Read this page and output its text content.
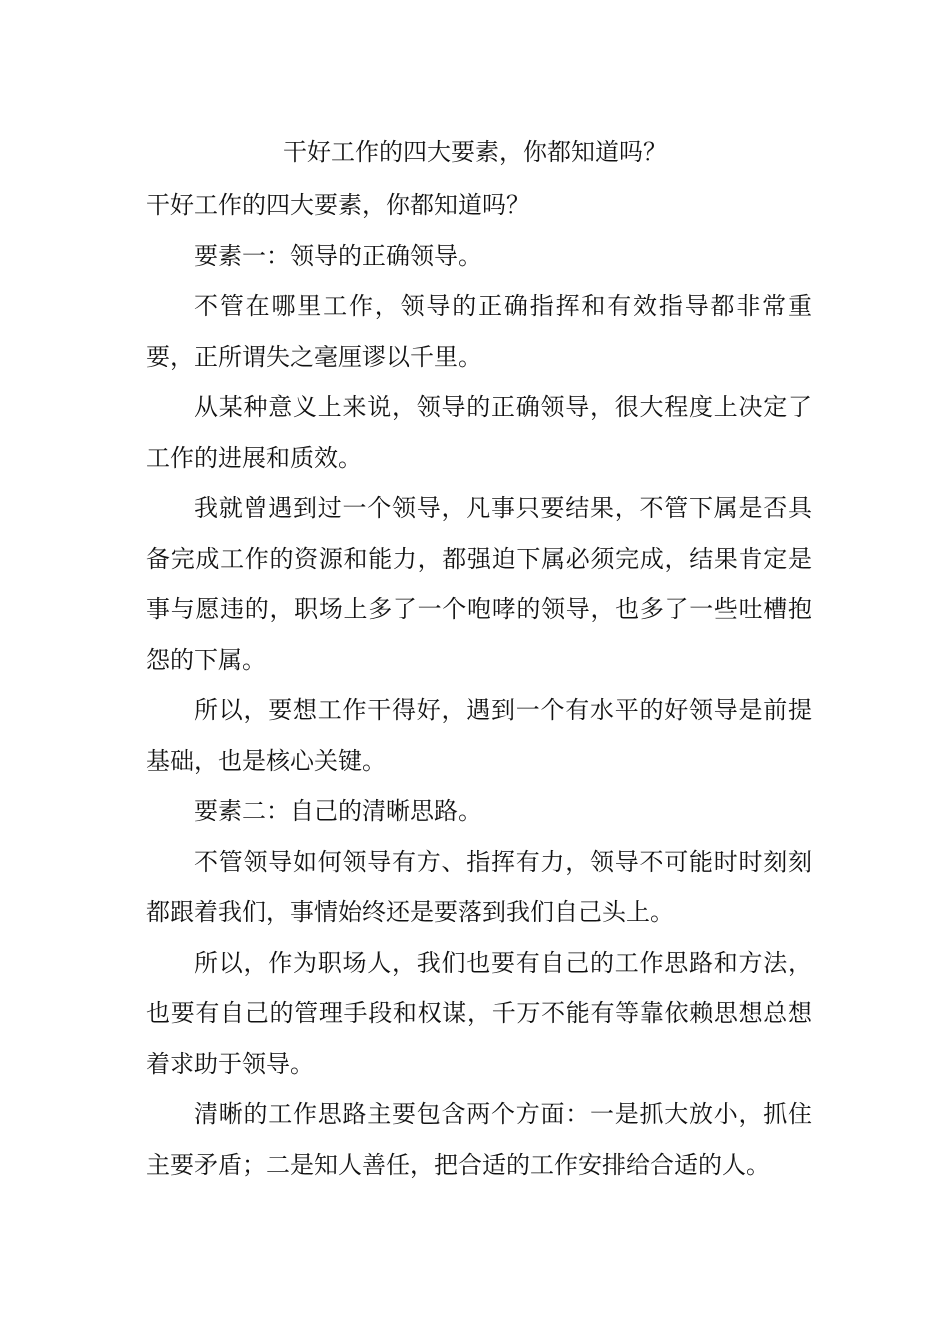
干好工作的四大要素，你都知道吗？

干好工作的四大要素，你都知道吗？

要素一：领导的正确领导。

不管在哪里工作，领导的正确指挥和有效指导都非常重要，正所谓失之毫厘谬以千里。

从某种意义上来说，领导的正确领导，很大程度上决定了工作的进展和质效。

我就曾遇到过一个领导，凡事只要结果，不管下属是否具备完成工作的资源和能力，都强迫下属必须完成，结果肯定是事与愿违的，职场上多了一个咆哮的领导，也多了一些吐槽抱怨的下属。

所以，要想工作干得好，遇到一个有水平的好领导是前提基础，也是核心关键。

要素二：自己的清晰思路。

不管领导如何领导有方、指挥有力，领导不可能时时刻刻都跟着我们，事情始终还是要落到我们自己头上。

所以，作为职场人，我们也要有自己的工作思路和方法，也要有自己的管理手段和权谋，千万不能有等靠依赖思想总想着求助于领导。

清晰的工作思路主要包含两个方面：一是抓大放小，抓住主要矛盾；二是知人善任，把合适的工作安排给合适的人。
